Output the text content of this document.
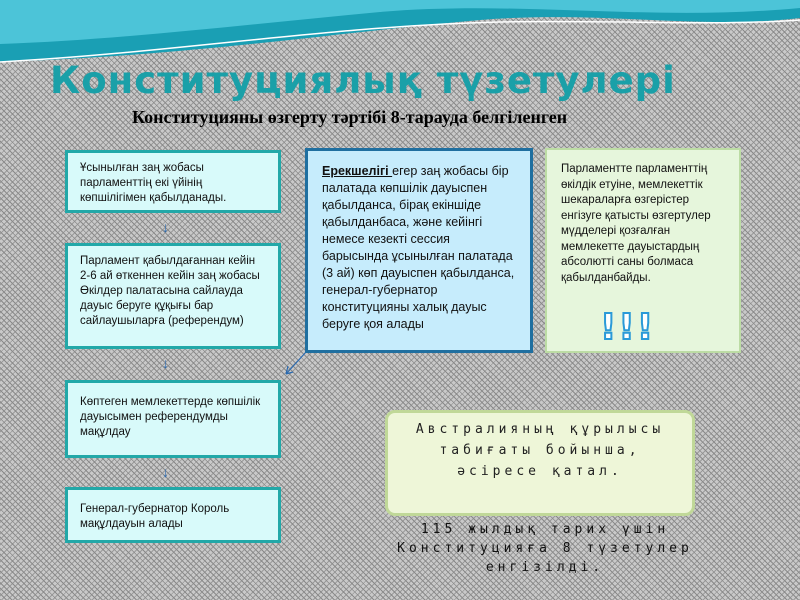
Конституциялық түзетулері
Конституцияны өзгерту тәртібі 8-тарауда белгіленген
Ұсынылған заң жобасы парламенттің екі үйінің көпшілігімен қабылданады.
↓
Парламент қабылдағаннан кейін 2-6 ай өткеннен кейін заң жобасы Өкілдер палатасына сайлауда дауыс беруге құқығы бар сайлаушыларға (референдум)
↓
Көптеген мемлекеттерде көпшілік дауысымен референдумды мақұлдау
↓
Генерал-губернатор Король мақұлдауын алады
Ерекшелігі егер заң жобасы бір палатада көпшілік дауыспен қабылданса, бірақ екіншіде қабылданбаса, және кейінгі немесе кезекті сессия барысында ұсынылған палатада (3 ай) көп дауыспен қабылданса, генерал-губернатор конституцияны халық дауыс беруге қоя алады
Парламентте парламенттің өкілдік етуіне, мемлекеттік шекараларға өзгерістер енгізуге қатысты өзгертулер мүдделері қозғалған мемлекетте дауыстардың абсолютті саны болмаса қабылданбайды.
!!!
Австралияның құрылысы табиғаты бойынша, әсіресе қатал.
115 жылдық тарих үшін Конституцияға 8 түзетулер енгізілді.
